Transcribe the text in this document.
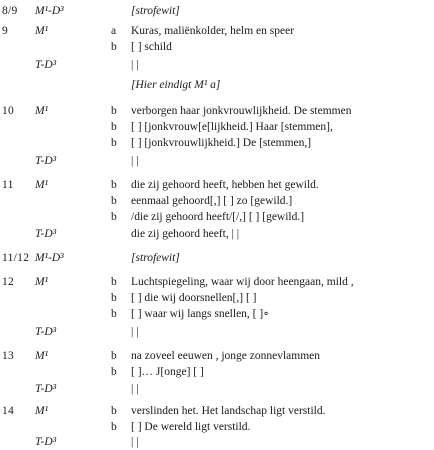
8/9 M¹-D³	[strofewit]
9 M¹	a Kuras, maliënkolder, helm en speer
b [ ] schild
T-D³	| |
[Hier eindigt M¹ a]
10 M¹	b verborgen haar jonkvrouwlijkheid. De stemmen
b [ ] [jonkvrouw[e[lijkheid.] Haar [stemmen],
b [ ] [jonkvrouwlijkheid.] De [stemmen,]
T-D³	| |
11 M¹	b die zij gehoord heeft, hebben het gewild.
b eenmaal gehoord[,] [ ] zo [gewild.]
b /die zij gehoord heeft/[/,] [ ] [gewild.]
T-D³	die zij gehoord heeft, | |
11/12 M¹-D³	[strofewit]
12 M¹	b Luchtspiegeling, waar wij door heengaan, mild ,
b [ ] die wij doorsnellen[,] [ ]
b [ ] waar wij langs snellen, [ ]∘
T-D³	| |
13 M¹	b na zoveel eeuwen , jonge zonnevlammen
b [ ]… J[onge] [ ]
T-D³	| |
14 M¹	b verslinden het. Het landschap ligt verstild.
b [ ] De wereld ligt verstild.
T-D³	| |
